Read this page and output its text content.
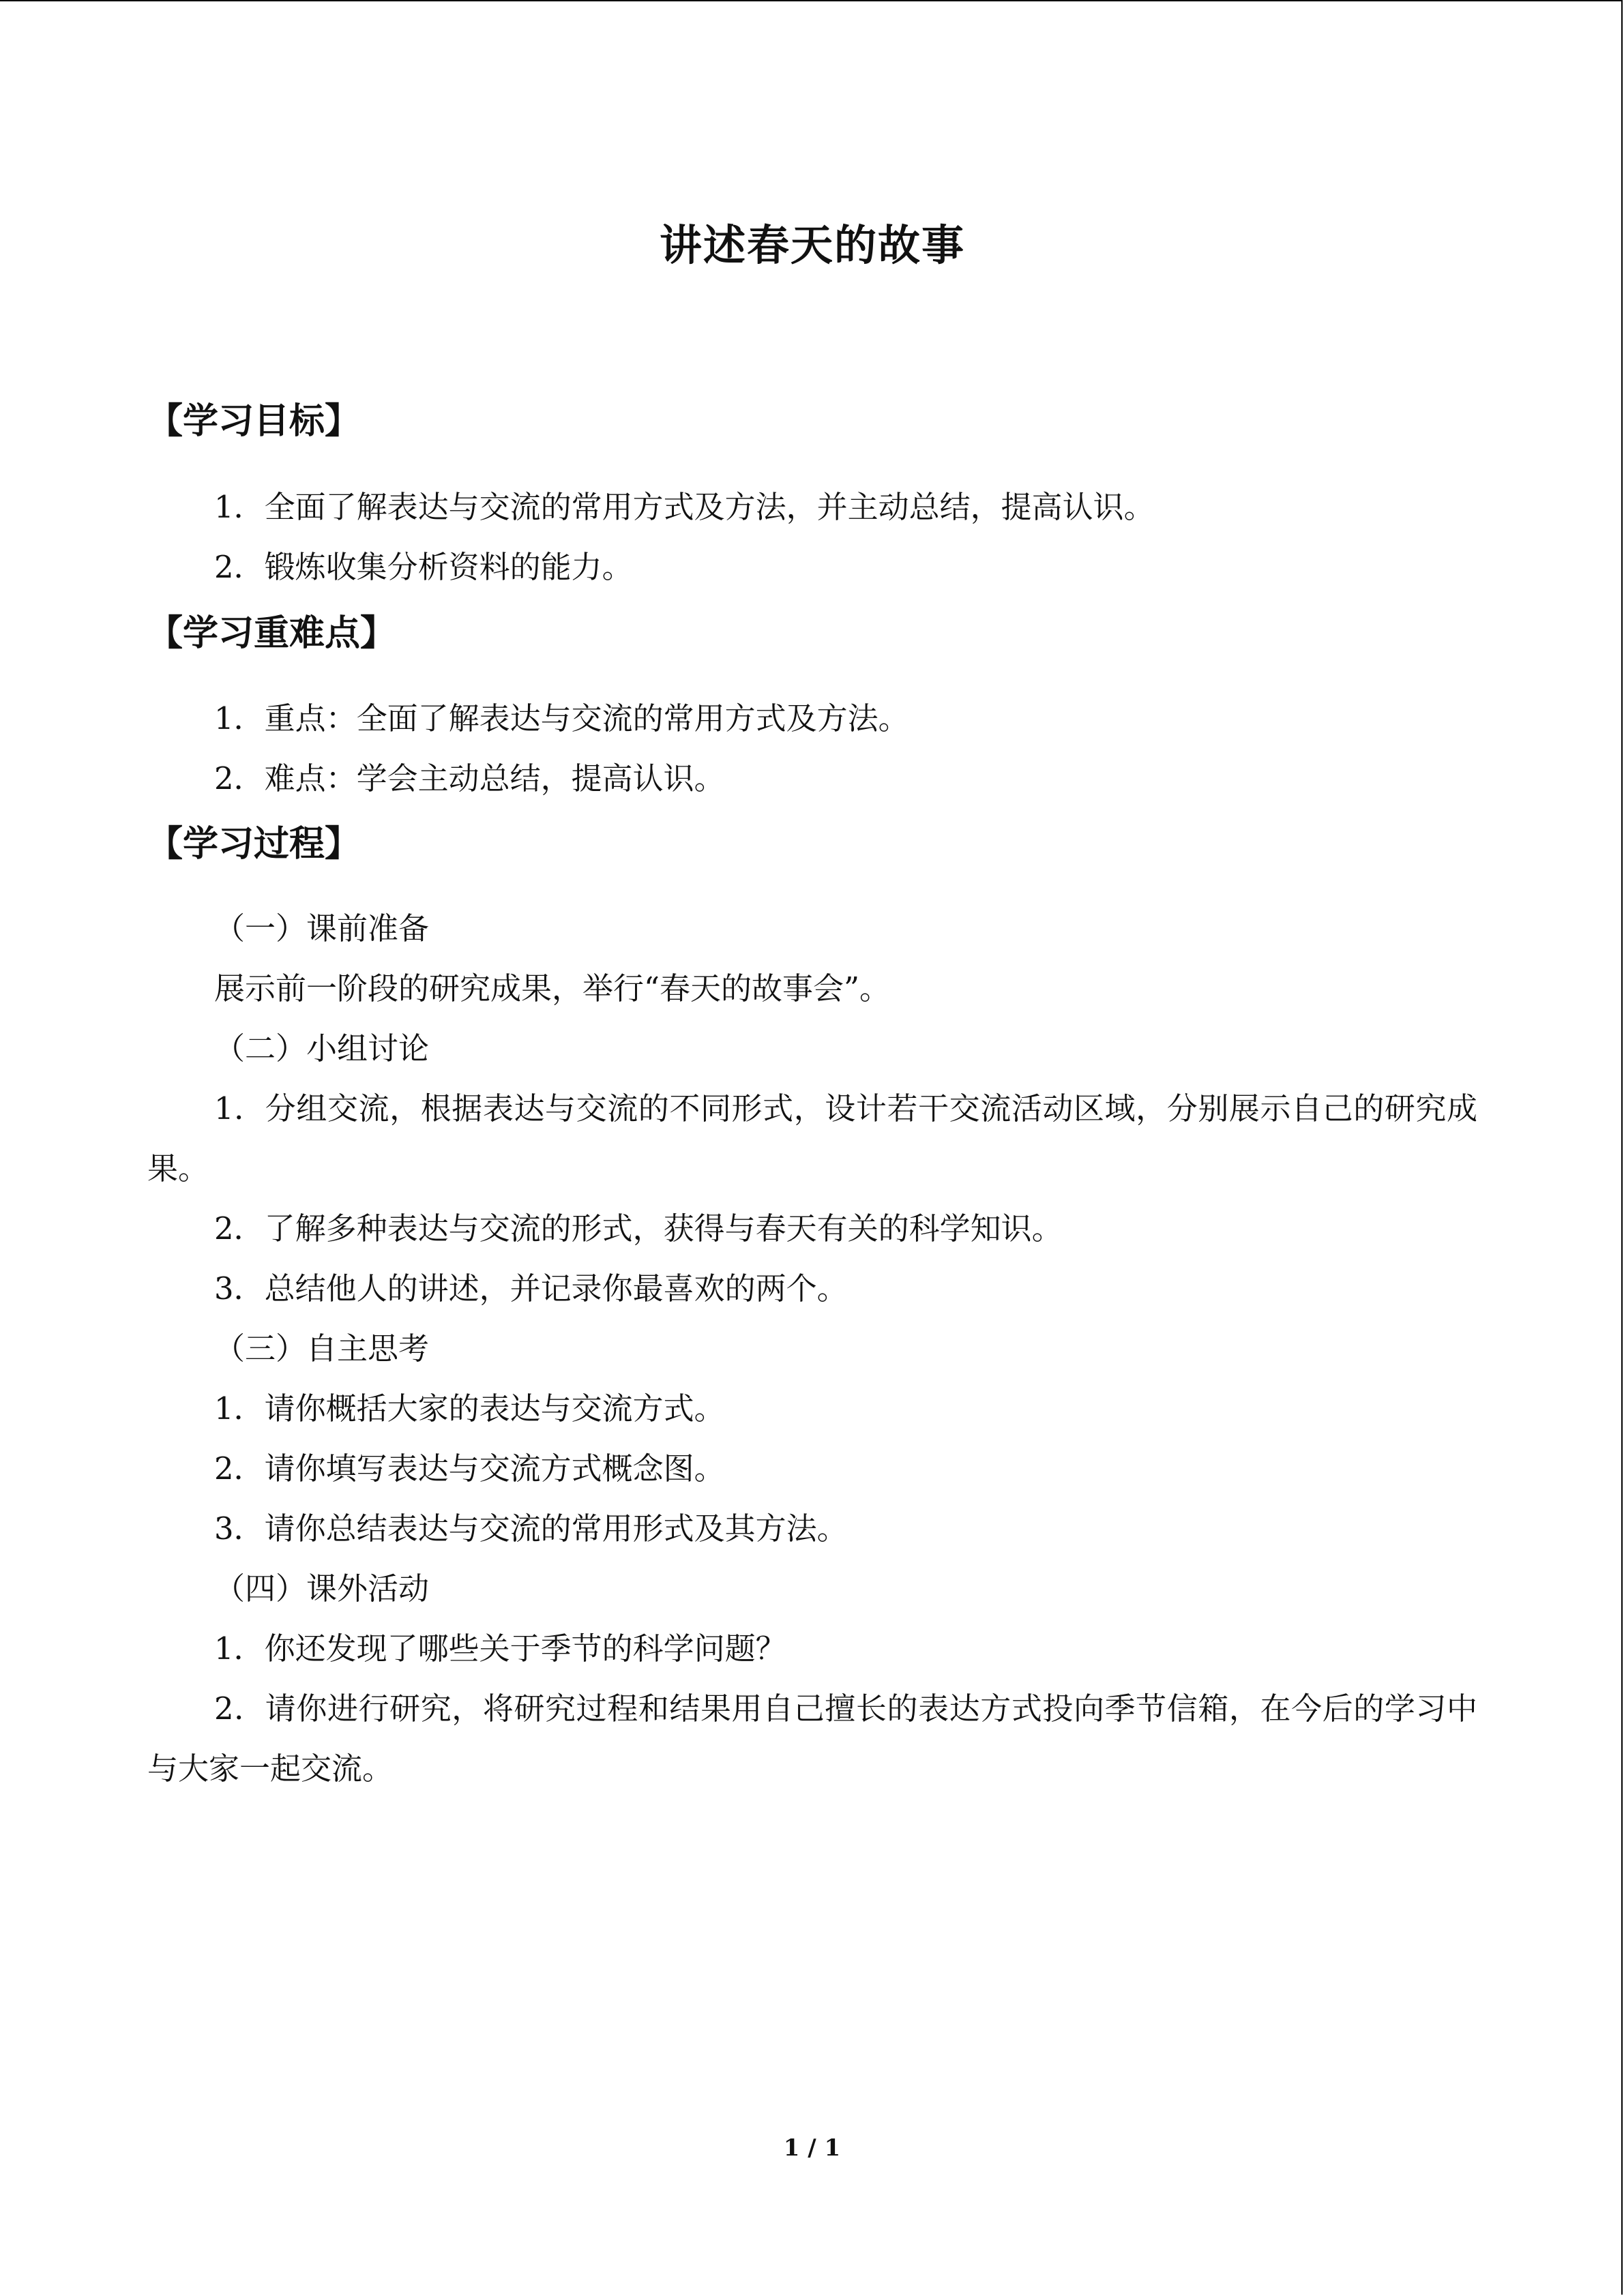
讲述春天的故事
【学习目标】

1．全面了解表达与交流的常用方式及方法，并主动总结，提高认识。

2．锻炼收集分析资料的能力。

【学习重难点】

1．重点：全面了解表达与交流的常用方式及方法。

2．难点：学会主动总结，提高认识。

【学习过程】

（一）课前准备

展示前一阶段的研究成果，举行“春天的故事会”。

（二）小组讨论

1．分组交流，根据表达与交流的不同形式，设计若干交流活动区域，分别展示自己的研究成果。

2．了解多种表达与交流的形式，获得与春天有关的科学知识。

3．总结他人的讲述，并记录你最喜欢的两个。

（三）自主思考

1．请你概括大家的表达与交流方式。

2．请你填写表达与交流方式概念图。

3．请你总结表达与交流的常用形式及其方法。

（四）课外活动

1．你还发现了哪些关于季节的科学问题？

2．请你进行研究，将研究过程和结果用自己擅长的表达方式投向季节信箱，在今后的学习中与大家一起交流。

1 / 1
